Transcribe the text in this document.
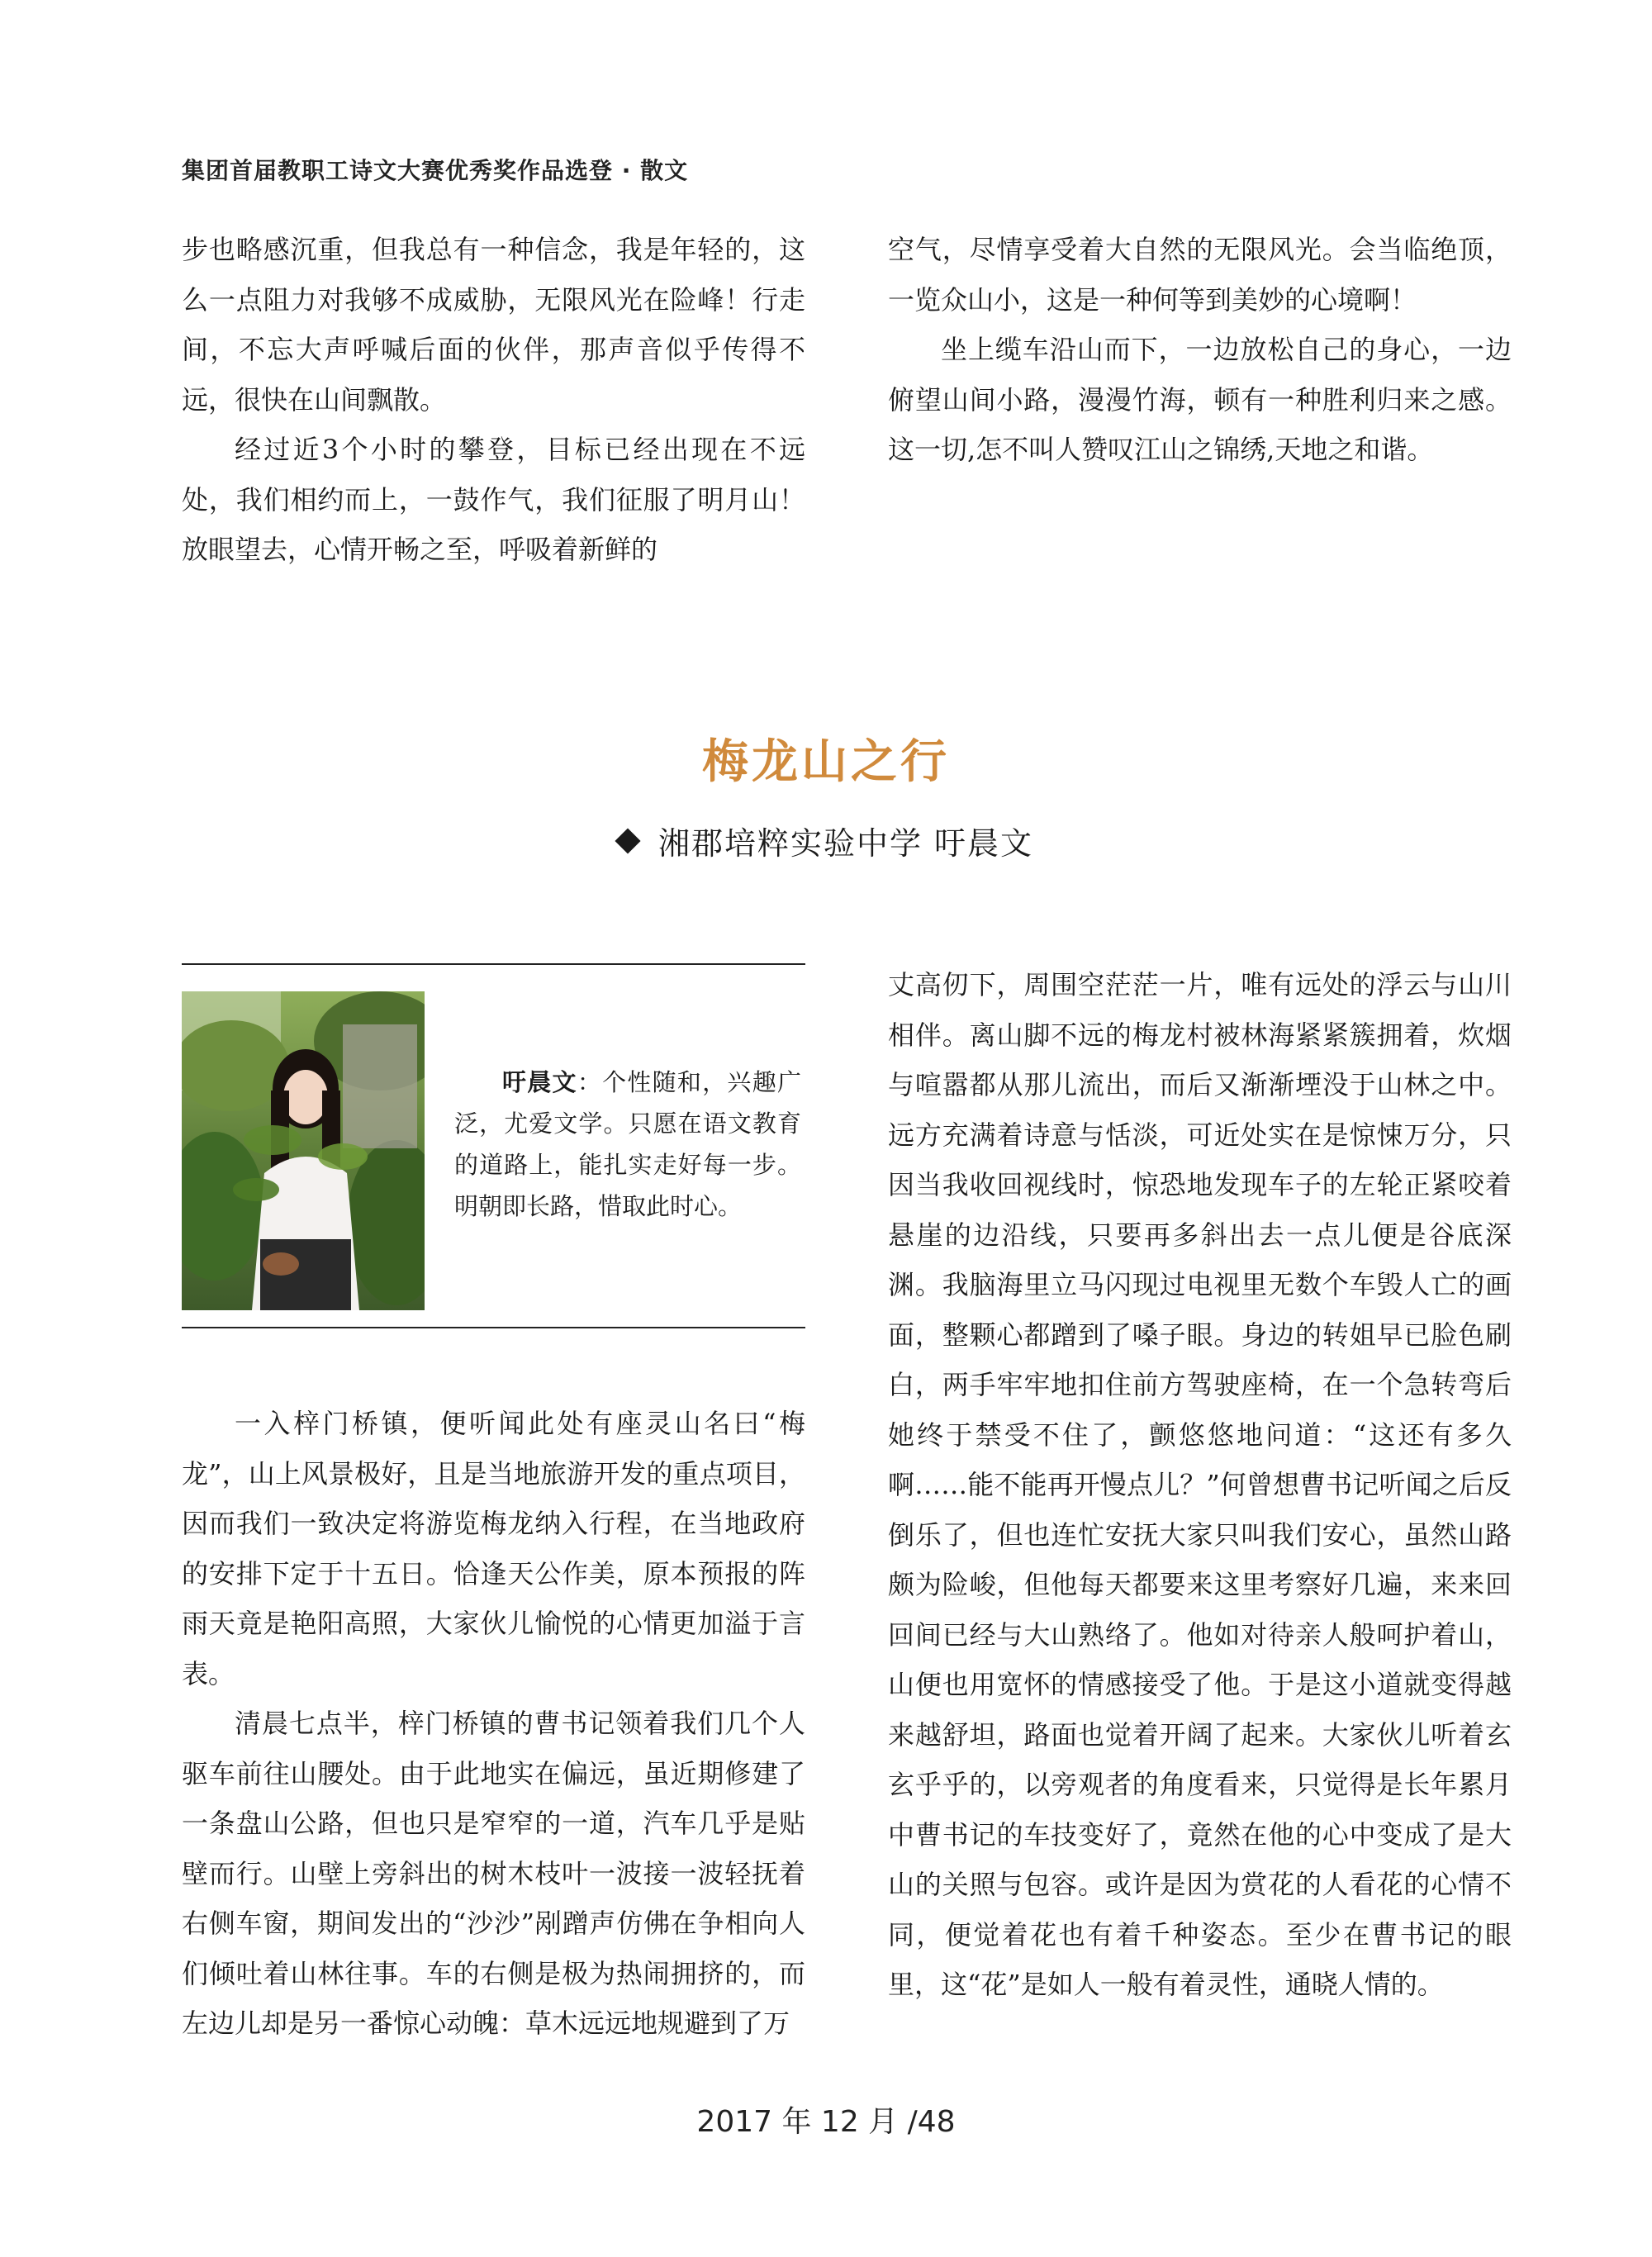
集团首届教职工诗文大赛优秀奖作品选登 · 散文

步也略感沉重，但我总有一种信念，我是年轻的，这么一点阻力对我够不成威胁，无限风光在险峰！行走间，不忘大声呼喊后面的伙伴，那声音似乎传得不远，很快在山间飘散。

经过近3个小时的攀登，目标已经出现在不远处，我们相约而上，一鼓作气，我们征服了明月山！放眼望去，心情开畅之至，呼吸着新鲜的

空气，尽情享受着大自然的无限风光。会当临绝顶，一览众山小，这是一种何等到美妙的心境啊！

坐上缆车沿山而下，一边放松自己的身心，一边俯望山间小路，漫漫竹海，顿有一种胜利归来之感。这一切,怎不叫人赞叹江山之锦绣,天地之和谐。

梅龙山之行
湘郡培粹实验中学 吁晨文

吁晨文：个性随和，兴趣广泛，尤爱文学。只愿在语文教育的道路上，能扎实走好每一步。明朝即长路，惜取此时心。

一入梓门桥镇，便听闻此处有座灵山名曰“梅龙”，山上风景极好，且是当地旅游开发的重点项目，因而我们一致决定将游览梅龙纳入行程，在当地政府的安排下定于十五日。恰逢天公作美，原本预报的阵雨天竟是艳阳高照，大家伙儿愉悦的心情更加溢于言表。

清晨七点半，梓门桥镇的曹书记领着我们几个人驱车前往山腰处。由于此地实在偏远，虽近期修建了一条盘山公路，但也只是窄窄的一道，汽车几乎是贴壁而行。山壁上旁斜出的树木枝叶一波接一波轻抚着右侧车窗，期间发出的“沙沙”剐蹭声仿佛在争相向人们倾吐着山林往事。车的右侧是极为热闹拥挤的，而左边儿却是另一番惊心动魄：草木远远地规避到了万

丈高仞下，周围空茫茫一片，唯有远处的浮云与山川相伴。离山脚不远的梅龙村被林海紧紧簇拥着，炊烟与喧嚣都从那儿流出，而后又渐渐堙没于山林之中。远方充满着诗意与恬淡，可近处实在是惊悚万分，只因当我收回视线时，惊恐地发现车子的左轮正紧咬着悬崖的边沿线，只要再多斜出去一点儿便是谷底深渊。我脑海里立马闪现过电视里无数个车毁人亡的画面，整颗心都蹭到了嗓子眼。身边的转姐早已脸色刷白，两手牢牢地扣住前方驾驶座椅，在一个急转弯后她终于禁受不住了，颤悠悠地问道：“这还有多久啊……能不能再开慢点儿？”何曾想曹书记听闻之后反倒乐了，但也连忙安抚大家只叫我们安心，虽然山路颇为险峻，但他每天都要来这里考察好几遍，来来回回间已经与大山熟络了。他如对待亲人般呵护着山，山便也用宽怀的情感接受了他。于是这小道就变得越来越舒坦，路面也觉着开阔了起来。大家伙儿听着玄玄乎乎的，以旁观者的角度看来，只觉得是长年累月中曹书记的车技变好了，竟然在他的心中变成了是大山的关照与包容。或许是因为赏花的人看花的心情不同，便觉着花也有着千种姿态。至少在曹书记的眼里，这“花”是如人一般有着灵性，通晓人情的。

2017 年 12 月 /48
